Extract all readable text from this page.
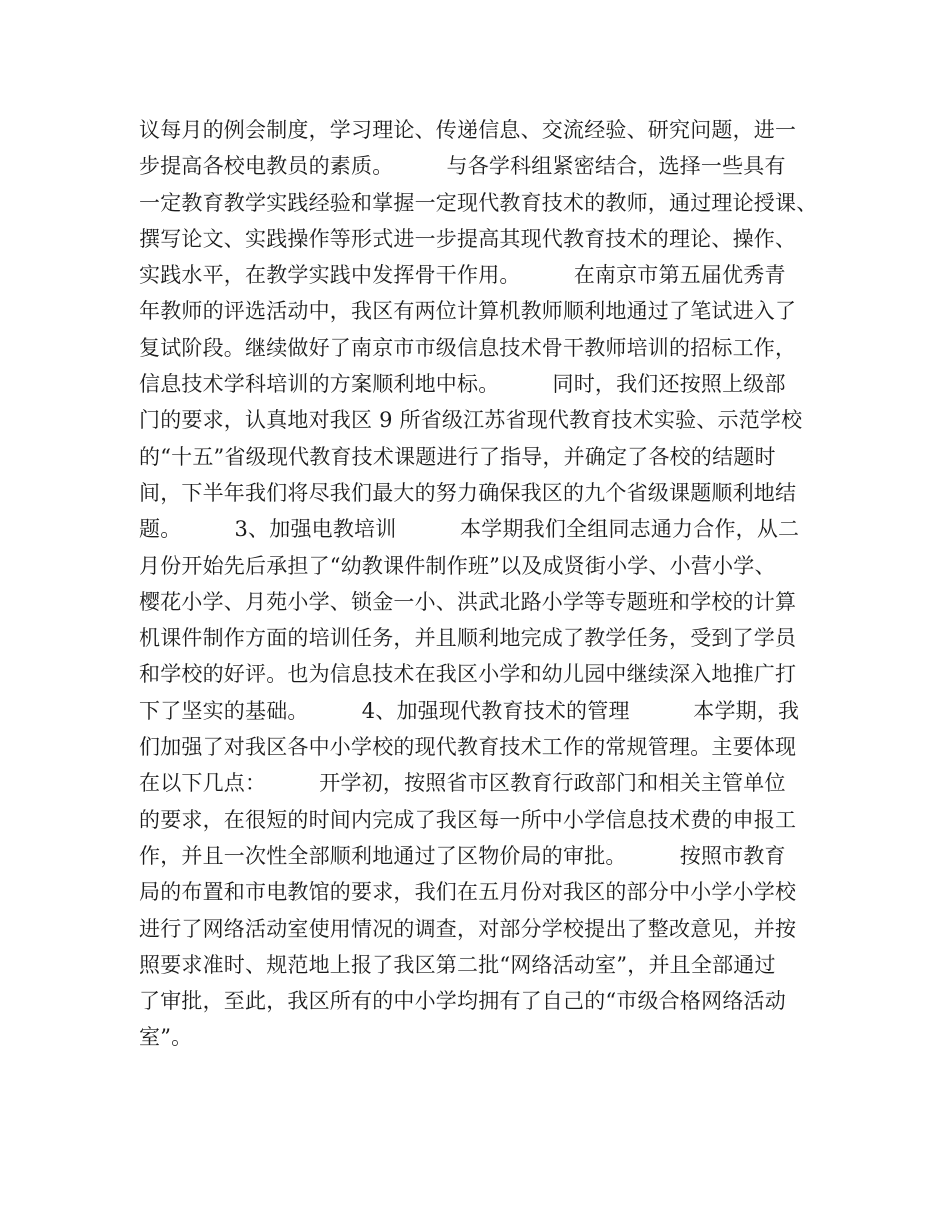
议每月的例会制度，学习理论、传递信息、交流经验、研究问题，进一
步提高各校电教员的素质。　　　与各学科组紧密结合，选择一些具有
一定教育教学实践经验和掌握一定现代教育技术的教师，通过理论授课、
撰写论文、实践操作等形式进一步提高其现代教育技术的理论、操作、
实践水平，在教学实践中发挥骨干作用。　　　在南京市第五届优秀青
年教师的评选活动中，我区有两位计算机教师顺利地通过了笔试进入了
复试阶段。继续做好了南京市市级信息技术骨干教师培训的招标工作，
信息技术学科培训的方案顺利地中标。　　　同时，我们还按照上级部
门的要求，认真地对我区 9 所省级江苏省现代教育技术实验、示范学校
的“十五”省级现代教育技术课题进行了指导，并确定了各校的结题时
间，下半年我们将尽我们最大的努力确保我区的九个省级课题顺利地结
题。　　　3、加强电教培训　　　本学期我们全组同志通力合作，从二
月份开始先后承担了“幼教课件制作班”以及成贤街小学、小营小学、
樱花小学、月苑小学、锁金一小、洪武北路小学等专题班和学校的计算
机课件制作方面的培训任务，并且顺利地完成了教学任务，受到了学员
和学校的好评。也为信息技术在我区小学和幼儿园中继续深入地推广打
下了坚实的基础。　　　4、加强现代教育技术的管理　　　本学期，我
们加强了对我区各中小学校的现代教育技术工作的常规管理。主要体现
在以下几点：　　　开学初，按照省市区教育行政部门和相关主管单位
的要求，在很短的时间内完成了我区每一所中小学信息技术费的申报工
作，并且一次性全部顺利地通过了区物价局的审批。　　　按照市教育
局的布置和市电教馆的要求，我们在五月份对我区的部分中小学小学校
进行了网络活动室使用情况的调查，对部分学校提出了整改意见，并按
照要求准时、规范地上报了我区第二批“网络活动室”，并且全部通过
了审批，至此，我区所有的中小学均拥有了自己的“市级合格网络活动
室”。
